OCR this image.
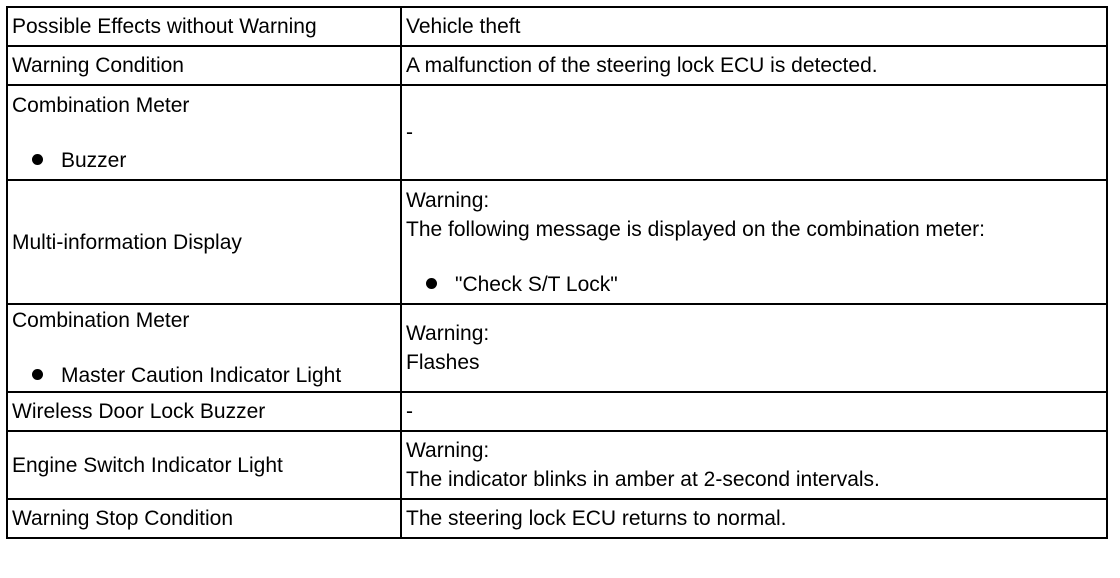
Possible Effects without Warning	Vehicle theft
Warning Condition	A malfunction of the steering lock ECU is detected.

Combination Meter
Buzzer	-
Multi-information Display	Warning:
The following message is displayed on the combination meter:
"Check S/T Lock"

Combination Meter
Master Caution Indicator Light	Warning:
Flashes

Wireless Door Lock Buzzer	-
Engine Switch Indicator Light	Warning:
The indicator blinks in amber at 2-second intervals.

Warning Stop Condition	The steering lock ECU returns to normal.
